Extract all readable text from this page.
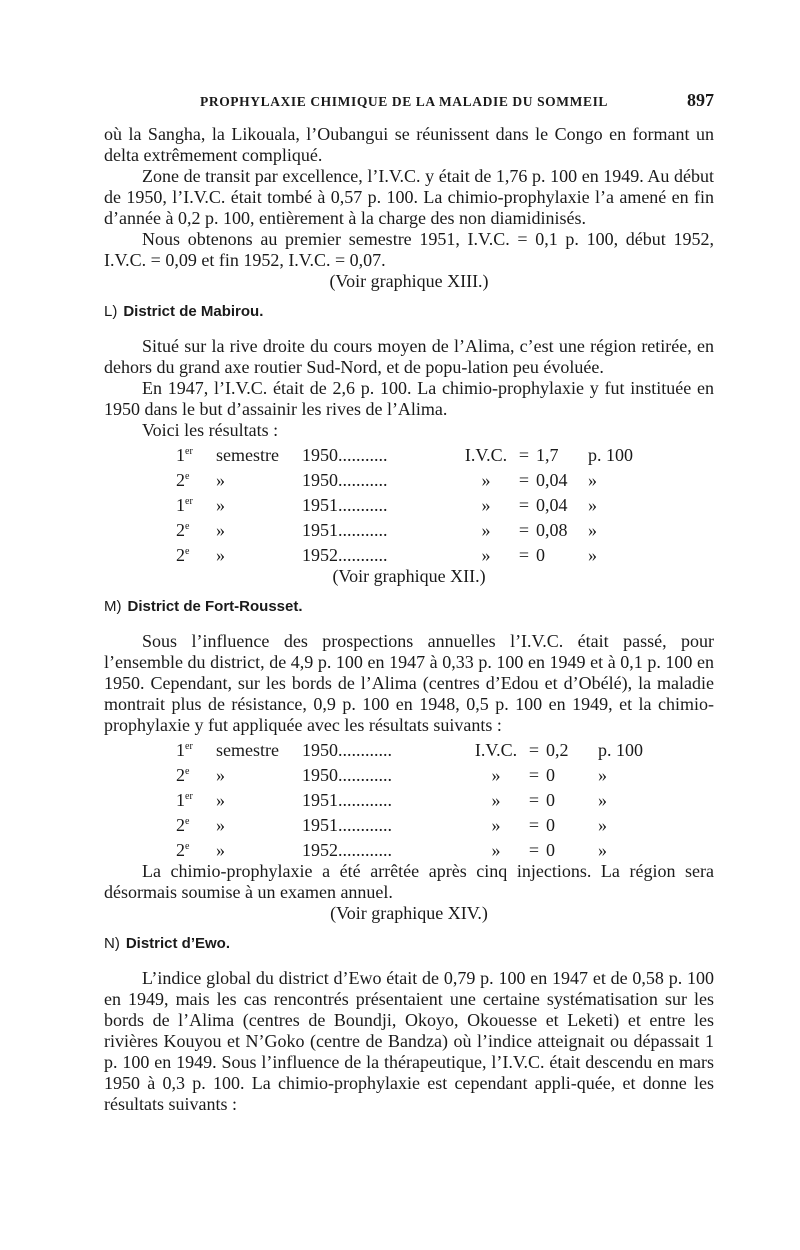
PROPHYLAXIE CHIMIQUE DE LA MALADIE DU SOMMEIL	897

où la Sangha, la Likouala, l’Oubangui se réunissent dans le Congo en formant un delta extrêmement compliqué.

Zone de transit par excellence, l’I.V.C. y était de 1,76 p. 100 en 1949. Au début de 1950, l’I.V.C. était tombé à 0,57 p. 100. La chimio-prophylaxie l’a amené en fin d’année à 0,2 p. 100, entièrement à la charge des non diamidinisés.

Nous obtenons au premier semestre 1951, I.V.C. = 0,1 p. 100, début 1952, I.V.C. = 0,09 et fin 1952, I.V.C. = 0,07.

(Voir graphique XIII.)

L) District de Mabirou.

Situé sur la rive droite du cours moyen de l’Alima, c’est une région retirée, en dehors du grand axe routier Sud-Nord, et de popu-lation peu évoluée.

En 1947, l’I.V.C. était de 2,6 p. 100. La chimio-prophylaxie y fut instituée en 1950 dans le but d’assainir les rives de l’Alima.

Voici les résultats :

1er	semestre	1950...........	I.V.C.	=	1,7	p. 100
2e	»	1950...........	»	=	0,04	»
1er	»	1951...........	»	=	0,04	»
2e	»	1951...........	»	=	0,08	»
2e	»	1952...........	»	=	0	»

(Voir graphique XII.)

M) District de Fort-Rousset.

Sous l’influence des prospections annuelles l’I.V.C. était passé, pour l’ensemble du district, de 4,9 p. 100 en 1947 à 0,33 p. 100 en 1949 et à 0,1 p. 100 en 1950. Cependant, sur les bords de l’Alima (centres d’Edou et d’Obélé), la maladie montrait plus de résistance, 0,9 p. 100 en 1948, 0,5 p. 100 en 1949, et la chimio-prophylaxie y fut appliquée avec les résultats suivants :

1er	semestre	1950............	I.V.C.	=	0,2	p. 100
2e	»	1950............	»	=	0	»
1er	»	1951............	»	=	0	»
2e	»	1951............	»	=	0	»
2e	»	1952............	»	=	0	»

La chimio-prophylaxie a été arrêtée après cinq injections. La région sera désormais soumise à un examen annuel.

(Voir graphique XIV.)

N) District d’Ewo.

L’indice global du district d’Ewo était de 0,79 p. 100 en 1947 et de 0,58 p. 100 en 1949, mais les cas rencontrés présentaient une certaine systématisation sur les bords de l’Alima (centres de Boundji, Okoyo, Okouesse et Leketi) et entre les rivières Kouyou et N’Goko (centre de Bandza) où l’indice atteignait ou dépassait 1 p. 100 en 1949. Sous l’influence de la thérapeutique, l’I.V.C. était descendu en mars 1950 à 0,3 p. 100. La chimio-prophylaxie est cependant appli-quée, et donne les résultats suivants :
